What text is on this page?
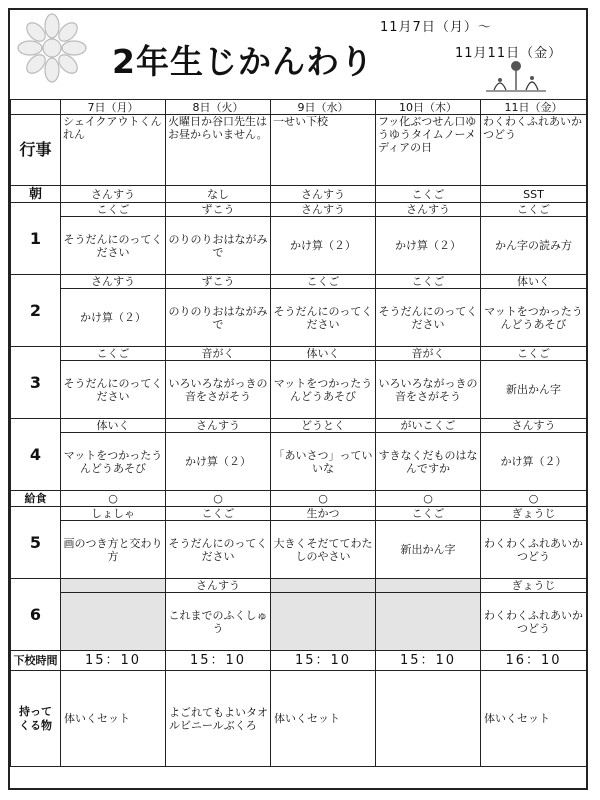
2年生じかんわり
11月7日（月）～
11月11日（金）
	7日（月）	8日（火）	9日（水）	10日（木）	11日（金）
行事	シェイクアウトくんれん	火曜日か谷口先生はお昼からいません。	一せい下校	フッ化ぶつせん口ゆうゆうタイムノーメディアの日	わくわくふれあいかつどう
朝	さんすう	なし	さんすう	こくご	SST
1	こくご	ずこう	さんすう	さんすう	こくご
	そうだんにのってください	のりのりおはながみで	かけ算（２）	かけ算（２）	かん字の読み方
2	さんすう	ずこう	こくご	こくご	体いく
	かけ算（２）	のりのりおはながみで	そうだんにのってください	そうだんにのってください	マットをつかったうんどうあそび
3	こくご	音がく	体いく	音がく	こくご
	そうだんにのってください	いろいろながっきの音をさがそう	マットをつかったうんどうあそび	いろいろながっきの音をさがそう	新出かん字
4	体いく	さんすう	どうとく	がいこくご	さんすう
	マットをつかったうんどうあそび	かけ算（２）	「あいさつ」っていいな	すきなくだものはなんですか	かけ算（２）
給食	○	○	○	○	○
5	しょしゃ	こくご	生かつ	こくご	ぎょうじ
	画のつき方と交わり方	そうだんにのってください	大きくそだててわたしのやさい	新出かん字	わくわくふれあいかつどう
6		さんすう			ぎょうじ
		これまでのふくしゅう			わくわくふれあいかつどう
下校時間	15：10	15：10	15：10	15：10	16：10
持ってくる物	体いくセット	よごれてもよいタオルビニールぶくろ	体いくセット		体いくセット
